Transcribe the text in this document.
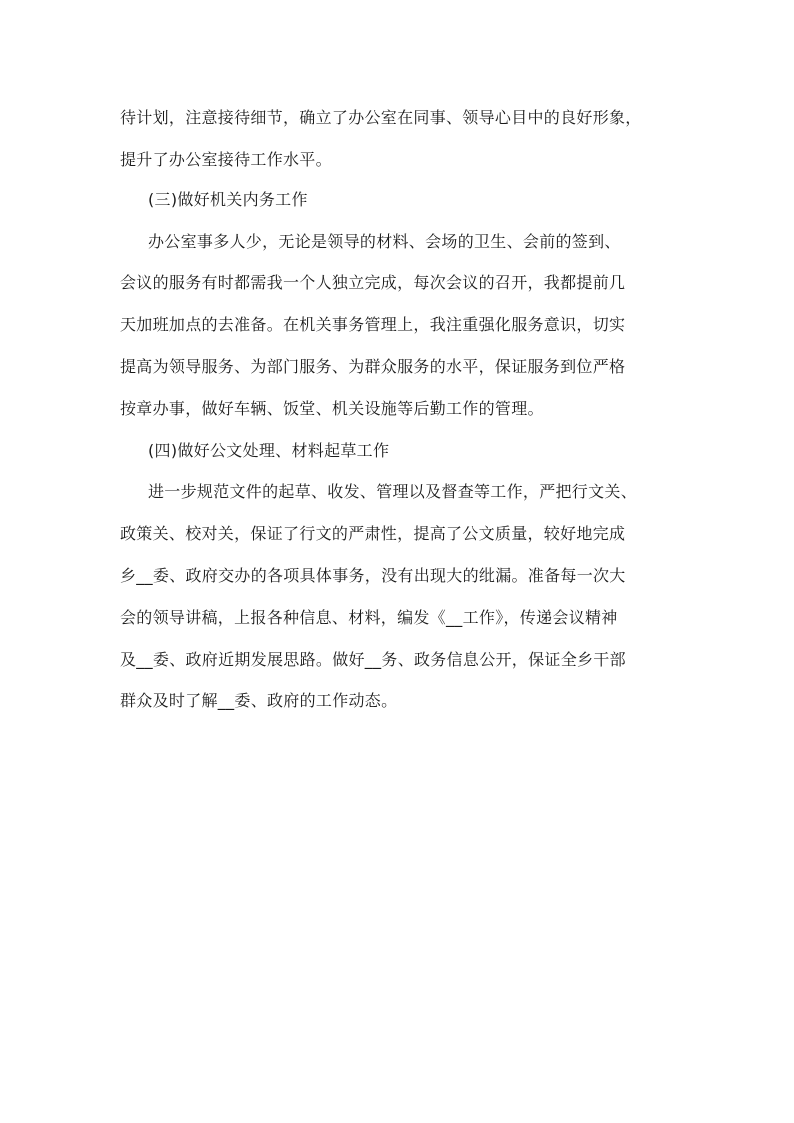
待计划，注意接待细节，确立了办公室在同事、领导心目中的良好形象，
提升了办公室接待工作水平。
(三)做好机关内务工作
办公室事多人少，无论是领导的材料、会场的卫生、会前的签到、
会议的服务有时都需我一个人独立完成，每次会议的召开，我都提前几
天加班加点的去准备。在机关事务管理上，我注重强化服务意识，切实
提高为领导服务、为部门服务、为群众服务的水平，保证服务到位严格
按章办事，做好车辆、饭堂、机关设施等后勤工作的管理。
(四)做好公文处理、材料起草工作
进一步规范文件的起草、收发、管理以及督查等工作，严把行文关、
政策关、校对关，保证了行文的严肃性，提高了公文质量，较好地完成
乡__委、政府交办的各项具体事务，没有出现大的纰漏。准备每一次大
会的领导讲稿，上报各种信息、材料，编发《__工作》，传递会议精神
及__委、政府近期发展思路。做好__务、政务信息公开，保证全乡干部
群众及时了解__委、政府的工作动态。
